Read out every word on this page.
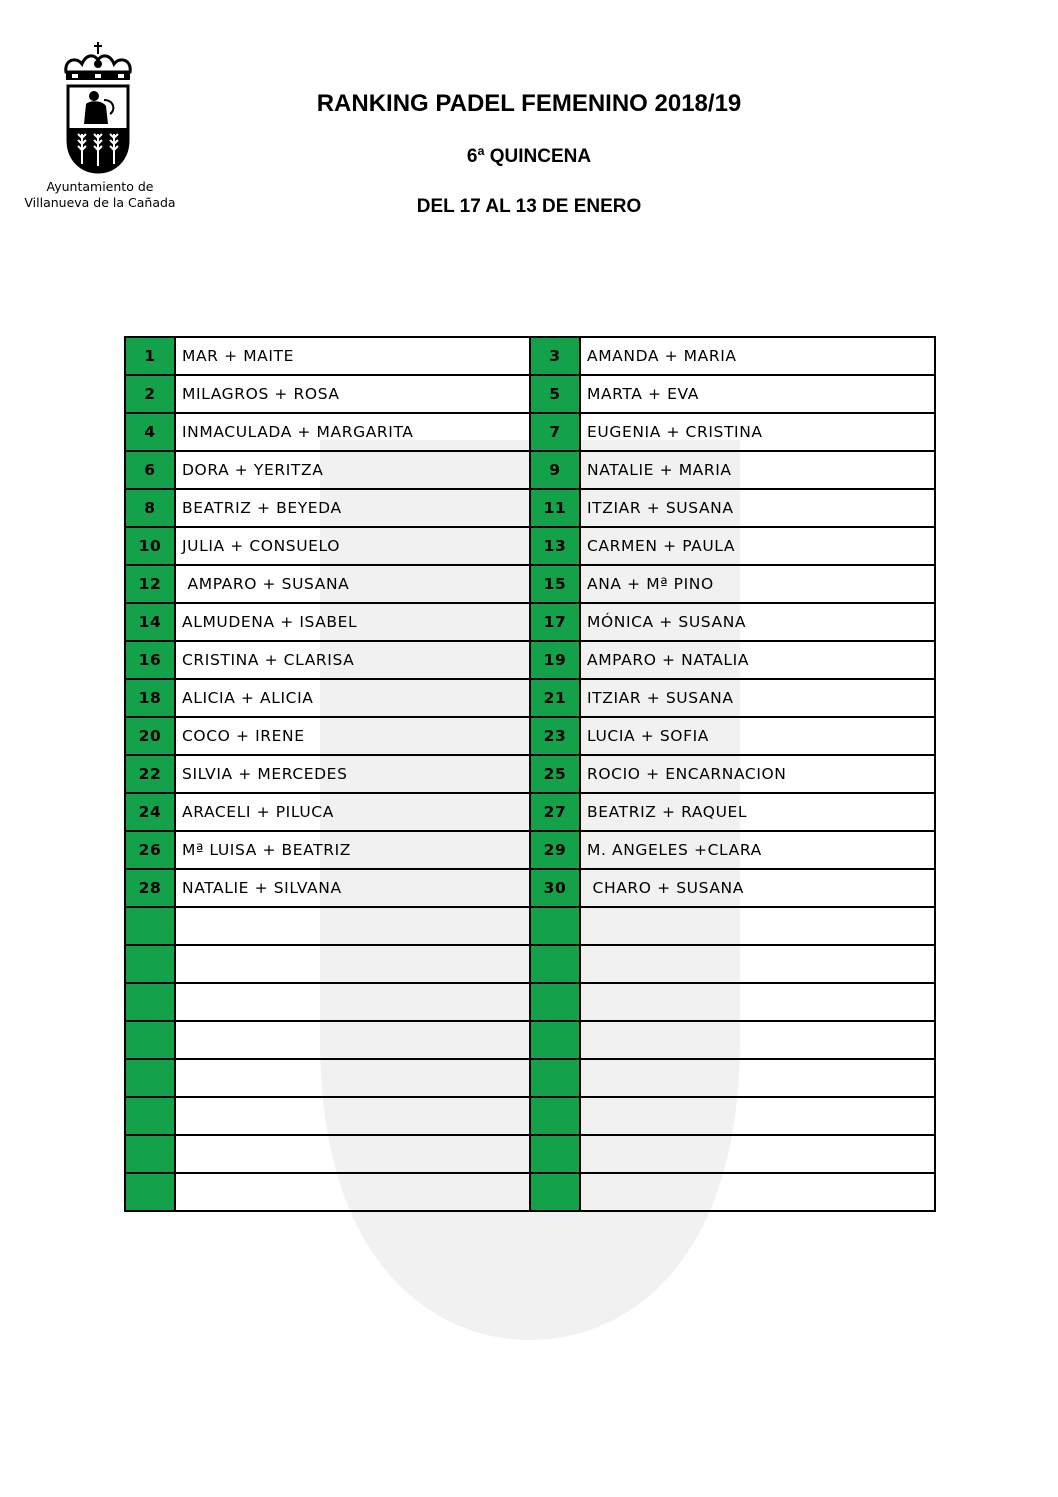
Ayuntamiento de
Villanueva de la Cañada
RANKING PADEL FEMENINO 2018/19
6ª QUINCENA
DEL 17 AL 13 DE ENERO
1	MAR + MAITE	3	AMANDA + MARIA
2	MILAGROS + ROSA	5	MARTA + EVA
4	INMACULADA + MARGARITA	7	EUGENIA + CRISTINA
6	DORA + YERITZA	9	NATALIE + MARIA
8	BEATRIZ + BEYEDA	11	ITZIAR + SUSANA
10	JULIA + CONSUELO	13	CARMEN + PAULA
12	AMPARO + SUSANA	15	ANA + Mª PINO
14	ALMUDENA + ISABEL	17	MÓNICA + SUSANA
16	CRISTINA + CLARISA	19	AMPARO + NATALIA
18	ALICIA + ALICIA	21	ITZIAR + SUSANA
20	COCO + IRENE	23	LUCIA + SOFIA
22	SILVIA + MERCEDES	25	ROCIO + ENCARNACION
24	ARACELI + PILUCA	27	BEATRIZ + RAQUEL
26	Mª LUISA + BEATRIZ	29	M. ANGELES +CLARA
28	NATALIE + SILVANA	30	CHARO + SUSANA
